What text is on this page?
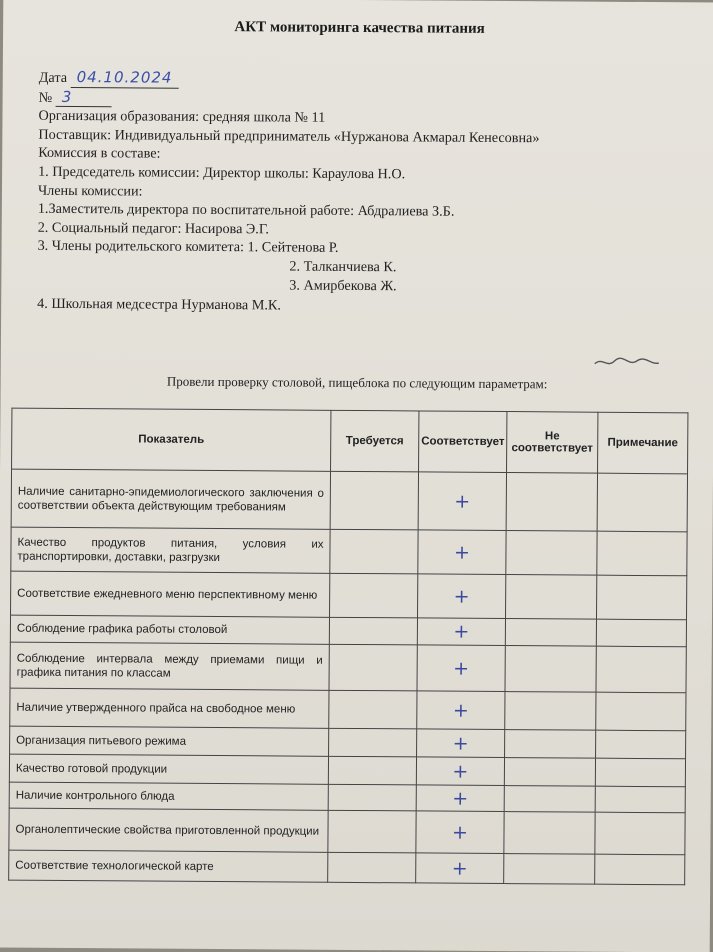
АКТ мониторинга качества питания
Дата 04.10.2024
№ 3
Организация образования: средняя школа № 11
Поставщик: Индивидуальный предприниматель «Нуржанова Акмарал Кенесовна»
Комиссия в составе:
1. Председатель комиссии: Директор школы: Караулова Н.О.
Члены комиссии:
1.Заместитель директора по воспитательной работе: Абдралиева З.Б.
2. Социальный педагог: Насирова Э.Г.
3. Члены родительского комитета: 1. Сейтенова Р.
2. Талканчиева К.
3. Амирбекова Ж.
4. Школьная медсестра Нурманова М.К.
Провели проверку столовой, пищеблока по следующим параметрам:
Показатель	Требуется	Соответствует	Не соответствует	Примечание
Наличие санитарно-эпидемиологического заключения о соответствии объекта действующим требованиям		+		
Качество продуктов питания, условия их транспортировки, доставки, разгрузки		+		
Соответствие ежедневного меню перспективному меню		+		
Соблюдение графика работы столовой		+		
Соблюдение интервала между приемами пищи и графика питания по классам		+		
Наличие утвержденного прайса на свободное меню		+		
Организация питьевого режима		+		
Качество готовой продукции		+		
Наличие контрольного блюда		+		
Органолептические свойства приготовленной продукции		+		
Соответствие технологической карте		+		
